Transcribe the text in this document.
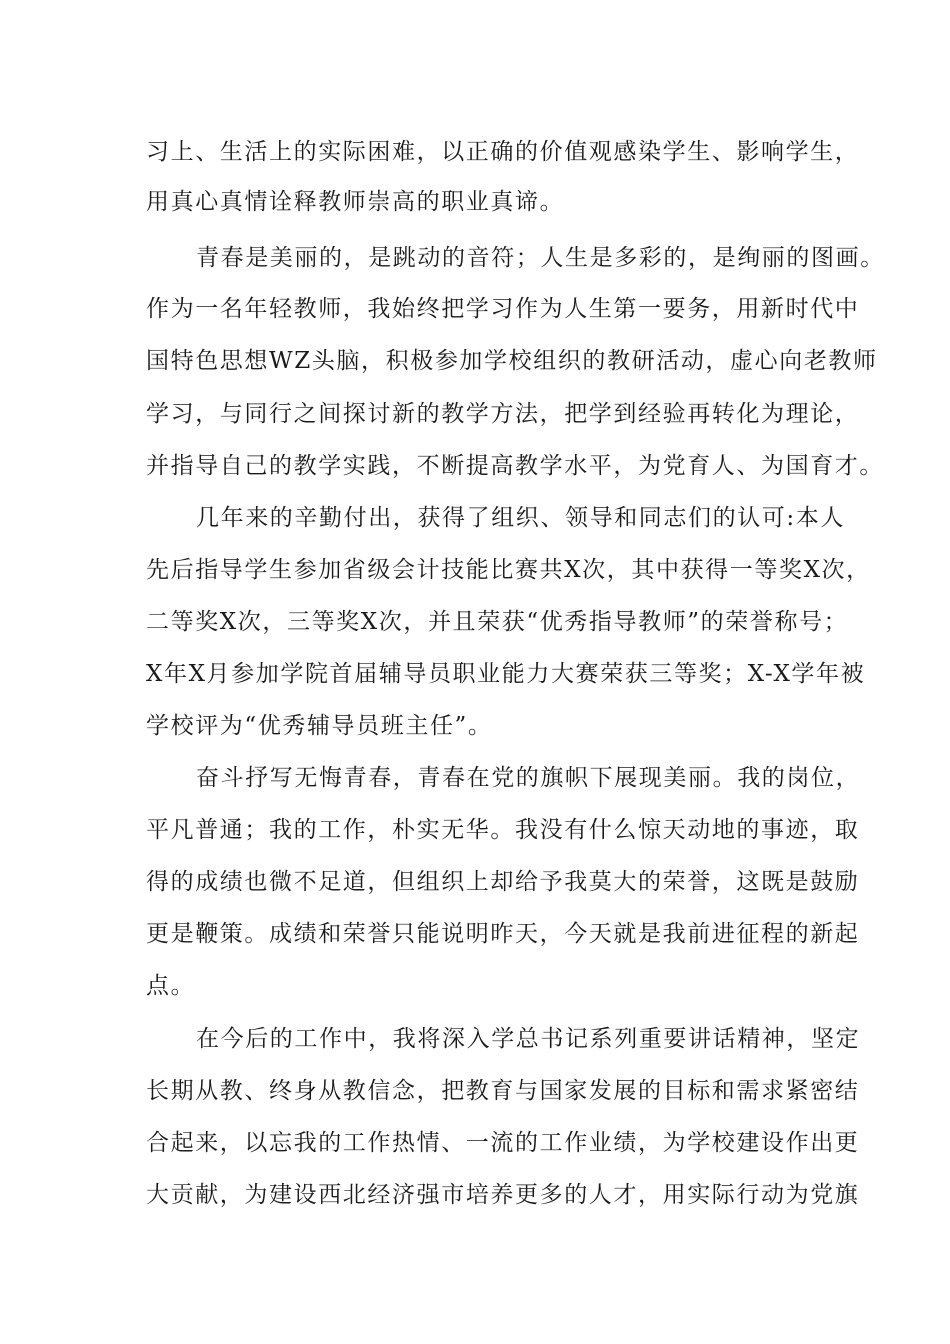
习上、生活上的实际困难，以正确的价值观感染学生、影响学生，
用真心真情诠释教师崇高的职业真谛。
青春是美丽的，是跳动的音符；人生是多彩的，是绚丽的图画。
作为一名年轻教师，我始终把学习作为人生第一要务，用新时代中
国特色思想WZ头脑，积极参加学校组织的教研活动，虚心向老教师
学习，与同行之间探讨新的教学方法，把学到经验再转化为理论，
并指导自己的教学实践，不断提高教学水平，为党育人、为国育才。
几年来的辛勤付出，获得了组织、领导和同志们的认可:本人
先后指导学生参加省级会计技能比赛共X次，其中获得一等奖X次，
二等奖X次，三等奖X次，并且荣获“优秀指导教师”的荣誉称号；
X年X月参加学院首届辅导员职业能力大赛荣获三等奖；X-X学年被
学校评为“优秀辅导员班主任”。
奋斗抒写无悔青春，青春在党的旗帜下展现美丽。我的岗位，
平凡普通；我的工作，朴实无华。我没有什么惊天动地的事迹，取
得的成绩也微不足道，但组织上却给予我莫大的荣誉，这既是鼓励
更是鞭策。成绩和荣誉只能说明昨天，今天就是我前进征程的新起
点。
在今后的工作中，我将深入学总书记系列重要讲话精神，坚定
长期从教、终身从教信念，把教育与国家发展的目标和需求紧密结
合起来，以忘我的工作热情、一流的工作业绩，为学校建设作出更
大贡献，为建设西北经济强市培养更多的人才，用实际行动为党旗
